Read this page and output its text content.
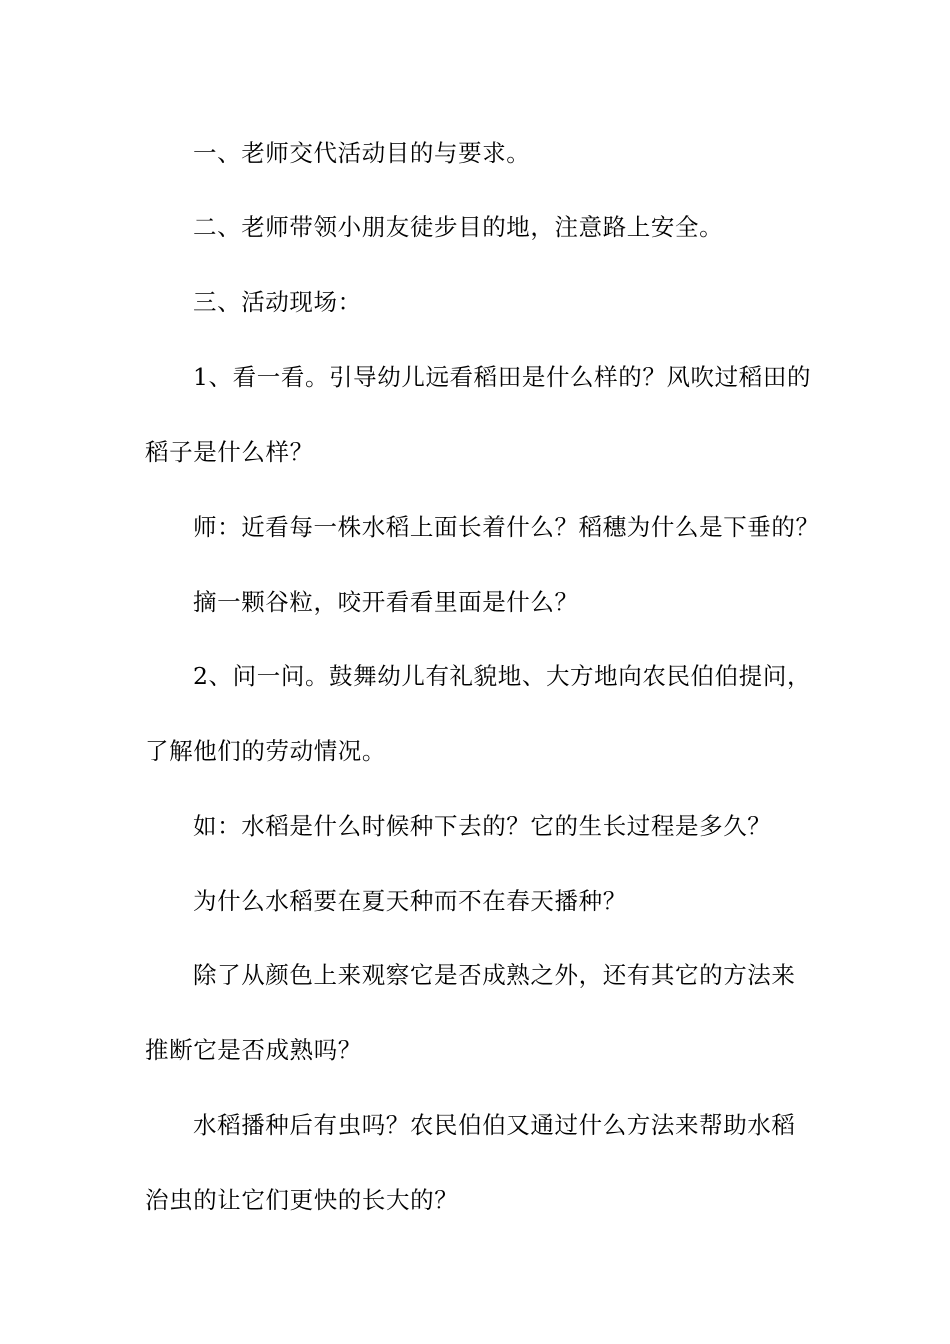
一、老师交代活动目的与要求。
二、老师带领小朋友徒步目的地，注意路上安全。
三、活动现场：
1、看一看。引导幼儿远看稻田是什么样的？风吹过稻田的
稻子是什么样？
师：近看每一株水稻上面长着什么？稻穗为什么是下垂的？
摘一颗谷粒，咬开看看里面是什么？
2、问一问。鼓舞幼儿有礼貌地、大方地向农民伯伯提问，
了解他们的劳动情况。
如：水稻是什么时候种下去的？它的生长过程是多久？
为什么水稻要在夏天种而不在春天播种？
除了从颜色上来观察它是否成熟之外，还有其它的方法来
推断它是否成熟吗？
水稻播种后有虫吗？农民伯伯又通过什么方法来帮助水稻
治虫的让它们更快的长大的？
